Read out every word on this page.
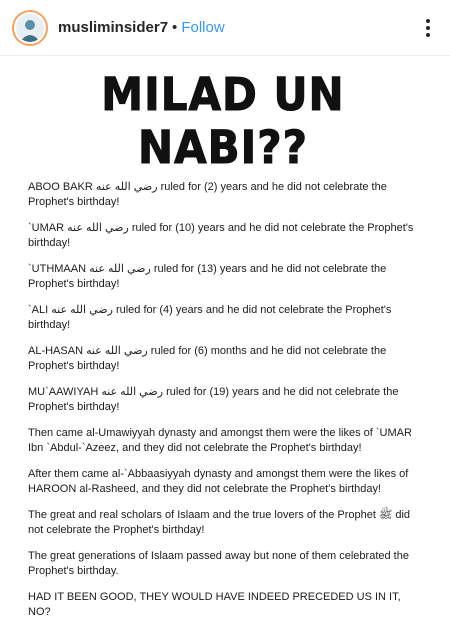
musliminsider7 • Follow
MILAD UN NABI??

ABOO BAKR رضي الله عنه ruled for (2) years and he did not celebrate the Prophet's birthday!

`UMAR رضي الله عنه ruled for (10) years and he did not celebrate the Prophet's birthday!

`UTHMAAN رضي الله عنه ruled for (13) years and he did not celebrate the Prophet's birthday!

`ALI رضي الله عنه ruled for (4) years and he did not celebrate the Prophet's birthday!

AL-HASAN رضي الله عنه ruled for (6) months and he did not celebrate the Prophet's birthday!

MU`AAWIYAH رضي الله عنه ruled for (19) years and he did not celebrate the Prophet's birthday!

Then came al-Umawiyyah dynasty and amongst them were the likes of `UMAR Ibn `Abdul-`Azeez, and they did not celebrate the Prophet's birthday!

After them came al-`Abbaasiyyah dynasty and amongst them were the likes of HAROON al-Rasheed, and they did not celebrate the Prophet's birthday!

The great and real scholars of Islaam and the true lovers of the Prophet ﷺ did not celebrate the Prophet's birthday!

The great generations of Islaam passed away but none of them celebrated the Prophet's birthday.

HAD IT BEEN GOOD, THEY WOULD HAVE INDEED PRECEDED US IN IT, NO?
